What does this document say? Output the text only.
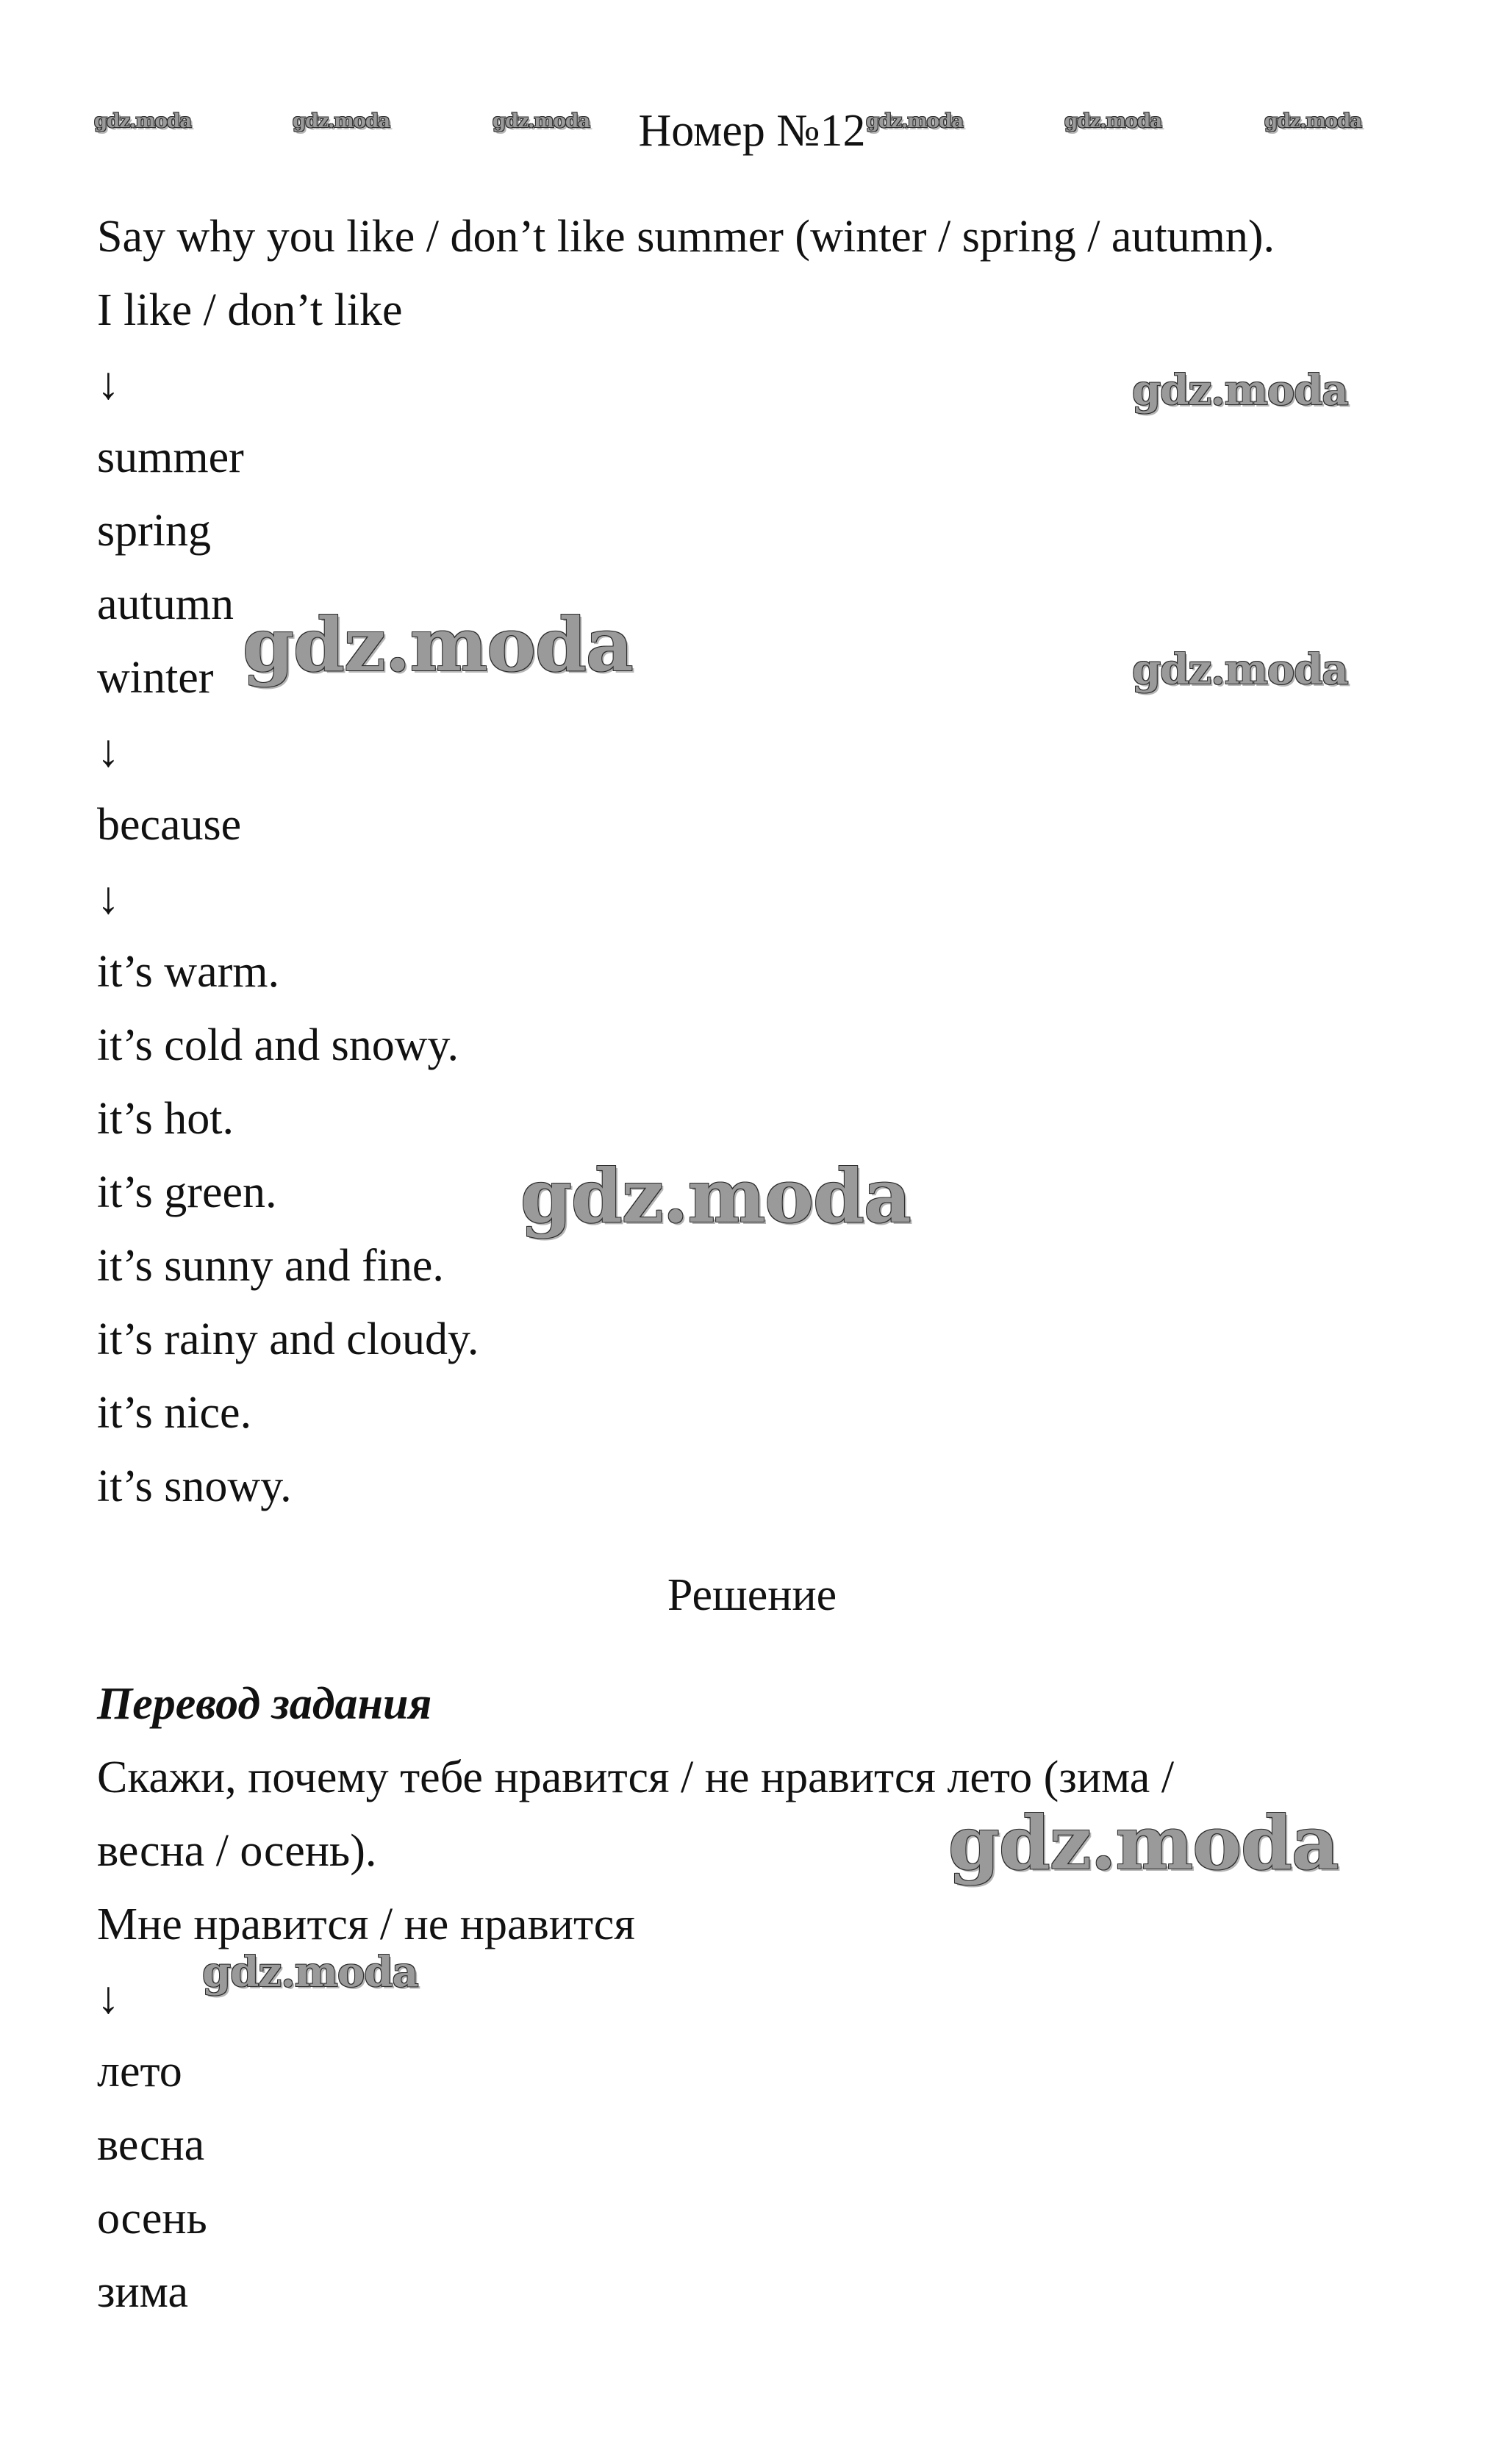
gdz.moda	gdz.moda	gdz.moda	gdz.moda	gdz.moda	gdz.moda
Номер №12
Say why you like / don’t like summer (winter / spring / autumn).
I like / don’t like
↓
summer
spring
autumn
winter
↓
because
↓
it’s warm.
it’s cold and snowy.
it’s hot.
it’s green.
it’s sunny and fine.
it’s rainy and cloudy.
it’s nice.
it’s snowy.
Решение
Перевод задания
Скажи, почему тебе нравится / не нравится лето (зима /
весна / осень).
Мне нравится / не нравится
↓
лето
весна
осень
зима
gdz.moda
gdz.moda	gdz.moda
gdz.moda
gdz.moda
gdz.moda
